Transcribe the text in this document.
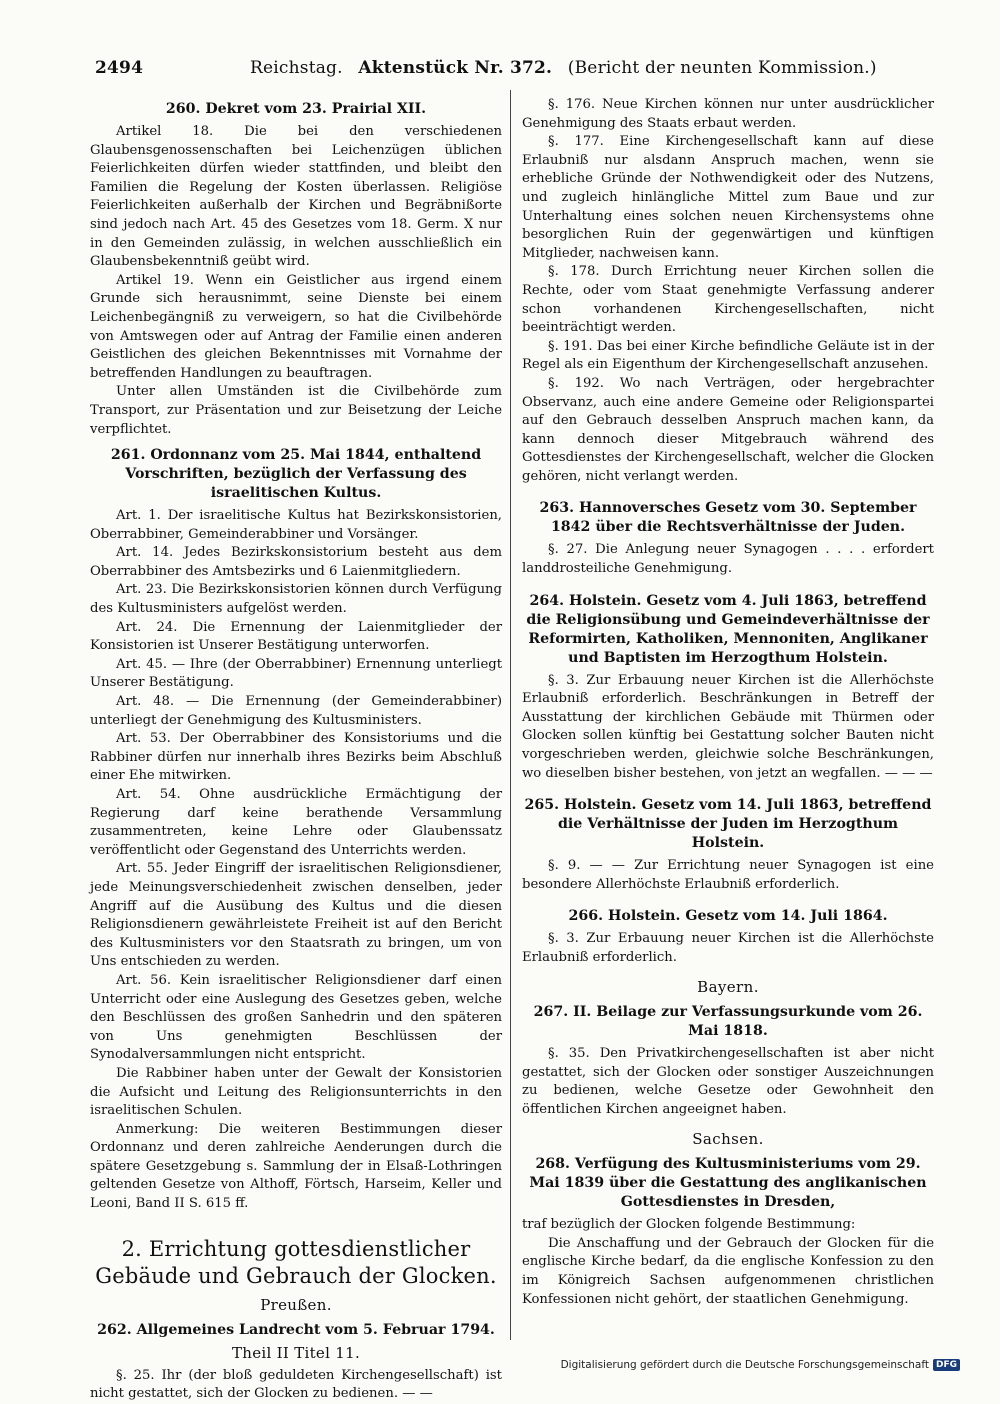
2494	Reichstag. Aktenstück Nr. 372. (Bericht der neunten Kommission.)
260. Dekret vom 23. Prairial XII.

Artikel 18. Die bei den verschiedenen Glaubensgenossenschaften bei Leichenzügen üblichen Feierlichkeiten dürfen wieder stattfinden, und bleibt den Familien die Regelung der Kosten überlassen. Religiöse Feierlichkeiten außerhalb der Kirchen und Begräbnißorte sind jedoch nach Art. 45 des Gesetzes vom 18. Germ. X nur in den Gemeinden zulässig, in welchen ausschließlich ein Glaubensbekenntniß geübt wird.

Artikel 19. Wenn ein Geistlicher aus irgend einem Grunde sich herausnimmt, seine Dienste bei einem Leichenbegängniß zu verweigern, so hat die Civilbehörde von Amtswegen oder auf Antrag der Familie einen anderen Geistlichen des gleichen Bekenntnisses mit Vornahme der betreffenden Handlungen zu beauftragen.

Unter allen Umständen ist die Civilbehörde zum Transport, zur Präsentation und zur Beisetzung der Leiche verpflichtet.

261. Ordonnanz vom 25. Mai 1844, enthaltend Vorschriften, bezüglich der Verfassung des israelitischen Kultus.

Art. 1. Der israelitische Kultus hat Bezirkskonsistorien, Oberrabbiner, Gemeinderabbiner und Vorsänger.

Art. 14. Jedes Bezirkskonsistorium besteht aus dem Oberrabbiner des Amtsbezirks und 6 Laienmitgliedern.

Art. 23. Die Bezirkskonsistorien können durch Verfügung des Kultusministers aufgelöst werden.

Art. 24. Die Ernennung der Laienmitglieder der Konsistorien ist Unserer Bestätigung unterworfen.

Art. 45. — Ihre (der Oberrabbiner) Ernennung unterliegt Unserer Bestätigung.

Art. 48. — Die Ernennung (der Gemeinderabbiner) unterliegt der Genehmigung des Kultusministers.

Art. 53. Der Oberrabbiner des Konsistoriums und die Rabbiner dürfen nur innerhalb ihres Bezirks beim Abschluß einer Ehe mitwirken.

Art. 54. Ohne ausdrückliche Ermächtigung der Regierung darf keine berathende Versammlung zusammentreten, keine Lehre oder Glaubenssatz veröffentlicht oder Gegenstand des Unterrichts werden.

Art. 55. Jeder Eingriff der israelitischen Religionsdiener, jede Meinungsverschiedenheit zwischen denselben, jeder Angriff auf die Ausübung des Kultus und die diesen Religionsdienern gewährleistete Freiheit ist auf den Bericht des Kultusministers vor den Staatsrath zu bringen, um von Uns entschieden zu werden.

Art. 56. Kein israelitischer Religionsdiener darf einen Unterricht oder eine Auslegung des Gesetzes geben, welche den Beschlüssen des großen Sanhedrin und den späteren von Uns genehmigten Beschlüssen der Synodalversammlungen nicht entspricht.

Die Rabbiner haben unter der Gewalt der Konsistorien die Aufsicht und Leitung des Religionsunterrichts in den israelitischen Schulen.

Anmerkung: Die weiteren Bestimmungen dieser Ordonnanz und deren zahlreiche Aenderungen durch die spätere Gesetzgebung s. Sammlung der in Elsaß-Lothringen geltenden Gesetze von Althoff, Förtsch, Harseim, Keller und Leoni, Band II S. 615 ff.

2. Errichtung gottesdienstlicher Gebäude und Gebrauch der Glocken.
Preußen.
262. Allgemeines Landrecht vom 5. Februar 1794.
Theil II Titel 11.

§. 25. Ihr (der bloß geduldeten Kirchengesellschaft) ist nicht gestattet, sich der Glocken zu bedienen. — —

§. 176. Neue Kirchen können nur unter ausdrücklicher Genehmigung des Staats erbaut werden.

§. 177. Eine Kirchengesellschaft kann auf diese Erlaubniß nur alsdann Anspruch machen, wenn sie erhebliche Gründe der Nothwendigkeit oder des Nutzens, und zugleich hinlängliche Mittel zum Baue und zur Unterhaltung eines solchen neuen Kirchensystems ohne besorglichen Ruin der gegenwärtigen und künftigen Mitglieder, nachweisen kann.

§. 178. Durch Errichtung neuer Kirchen sollen die Rechte, oder vom Staat genehmigte Verfassung anderer schon vorhandenen Kirchengesellschaften, nicht beeinträchtigt werden.

§. 191. Das bei einer Kirche befindliche Geläute ist in der Regel als ein Eigenthum der Kirchengesellschaft anzusehen.

§. 192. Wo nach Verträgen, oder hergebrachter Observanz, auch eine andere Gemeine oder Religionspartei auf den Gebrauch desselben Anspruch machen kann, da kann dennoch dieser Mitgebrauch während des Gottesdienstes der Kirchengesellschaft, welcher die Glocken gehören, nicht verlangt werden.

263. Hannoversches Gesetz vom 30. September 1842 über die Rechtsverhältnisse der Juden.

§. 27. Die Anlegung neuer Synagogen . . . . erfordert landdrosteiliche Genehmigung.

264. Holstein. Gesetz vom 4. Juli 1863, betreffend die Religionsübung und Gemeindeverhältnisse der Reformirten, Katholiken, Mennoniten, Anglikaner und Baptisten im Herzogthum Holstein.

§. 3. Zur Erbauung neuer Kirchen ist die Allerhöchste Erlaubniß erforderlich. Beschränkungen in Betreff der Ausstattung der kirchlichen Gebäude mit Thürmen oder Glocken sollen künftig bei Gestattung solcher Bauten nicht vorgeschrieben werden, gleichwie solche Beschränkungen, wo dieselben bisher bestehen, von jetzt an wegfallen. — — —

265. Holstein. Gesetz vom 14. Juli 1863, betreffend die Verhältnisse der Juden im Herzogthum Holstein.

§. 9. — — Zur Errichtung neuer Synagogen ist eine besondere Allerhöchste Erlaubniß erforderlich.

266. Holstein. Gesetz vom 14. Juli 1864.

§. 3. Zur Erbauung neuer Kirchen ist die Allerhöchste Erlaubniß erforderlich.

Bayern.
267. II. Beilage zur Verfassungsurkunde vom 26. Mai 1818.

§. 35. Den Privatkirchengesellschaften ist aber nicht gestattet, sich der Glocken oder sonstiger Auszeichnungen zu bedienen, welche Gesetze oder Gewohnheit den öffentlichen Kirchen angeeignet haben.

Sachsen.
268. Verfügung des Kultusministeriums vom 29. Mai 1839 über die Gestattung des anglikanischen Gottesdienstes in Dresden,

traf bezüglich der Glocken folgende Bestimmung:

Die Anschaffung und der Gebrauch der Glocken für die englische Kirche bedarf, da die englische Konfession zu den im Königreich Sachsen aufgenommenen christlichen Konfessionen nicht gehört, der staatlichen Genehmigung.

Digitalisierung gefördert durch die Deutsche Forschungsgemeinschaft DFG
